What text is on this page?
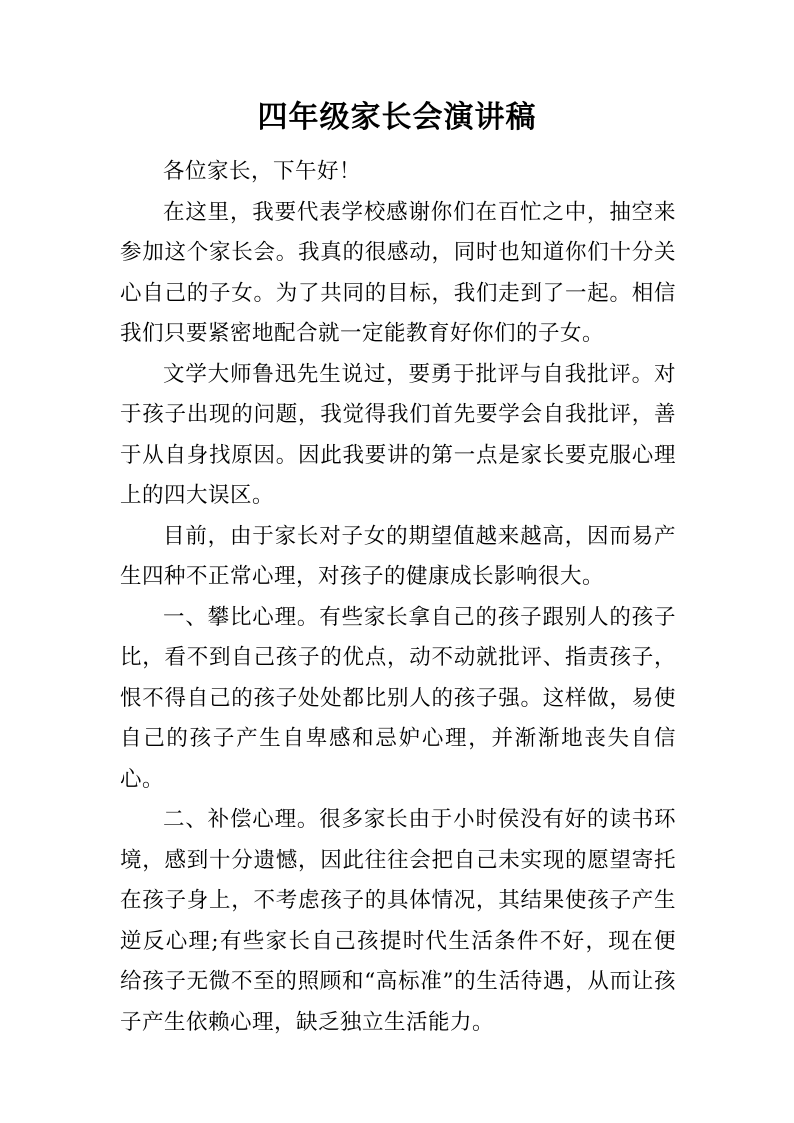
四年级家长会演讲稿

各位家长，下午好！

在这里，我要代表学校感谢你们在百忙之中，抽空来参加这个家长会。我真的很感动，同时也知道你们十分关心自己的子女。为了共同的目标，我们走到了一起。相信我们只要紧密地配合就一定能教育好你们的子女。

文学大师鲁迅先生说过，要勇于批评与自我批评。对于孩子出现的问题，我觉得我们首先要学会自我批评，善于从自身找原因。因此我要讲的第一点是家长要克服心理上的四大误区。

目前，由于家长对子女的期望值越来越高，因而易产生四种不正常心理，对孩子的健康成长影响很大。

一、攀比心理。有些家长拿自己的孩子跟别人的孩子比，看不到自己孩子的优点，动不动就批评、指责孩子，恨不得自己的孩子处处都比别人的孩子强。这样做，易使自己的孩子产生自卑感和忌妒心理，并渐渐地丧失自信心。

二、补偿心理。很多家长由于小时侯没有好的读书环境，感到十分遗憾，因此往往会把自己未实现的愿望寄托在孩子身上，不考虑孩子的具体情况，其结果使孩子产生逆反心理;有些家长自己孩提时代生活条件不好，现在便给孩子无微不至的照顾和“高标准”的生活待遇，从而让孩子产生依赖心理，缺乏独立生活能力。
